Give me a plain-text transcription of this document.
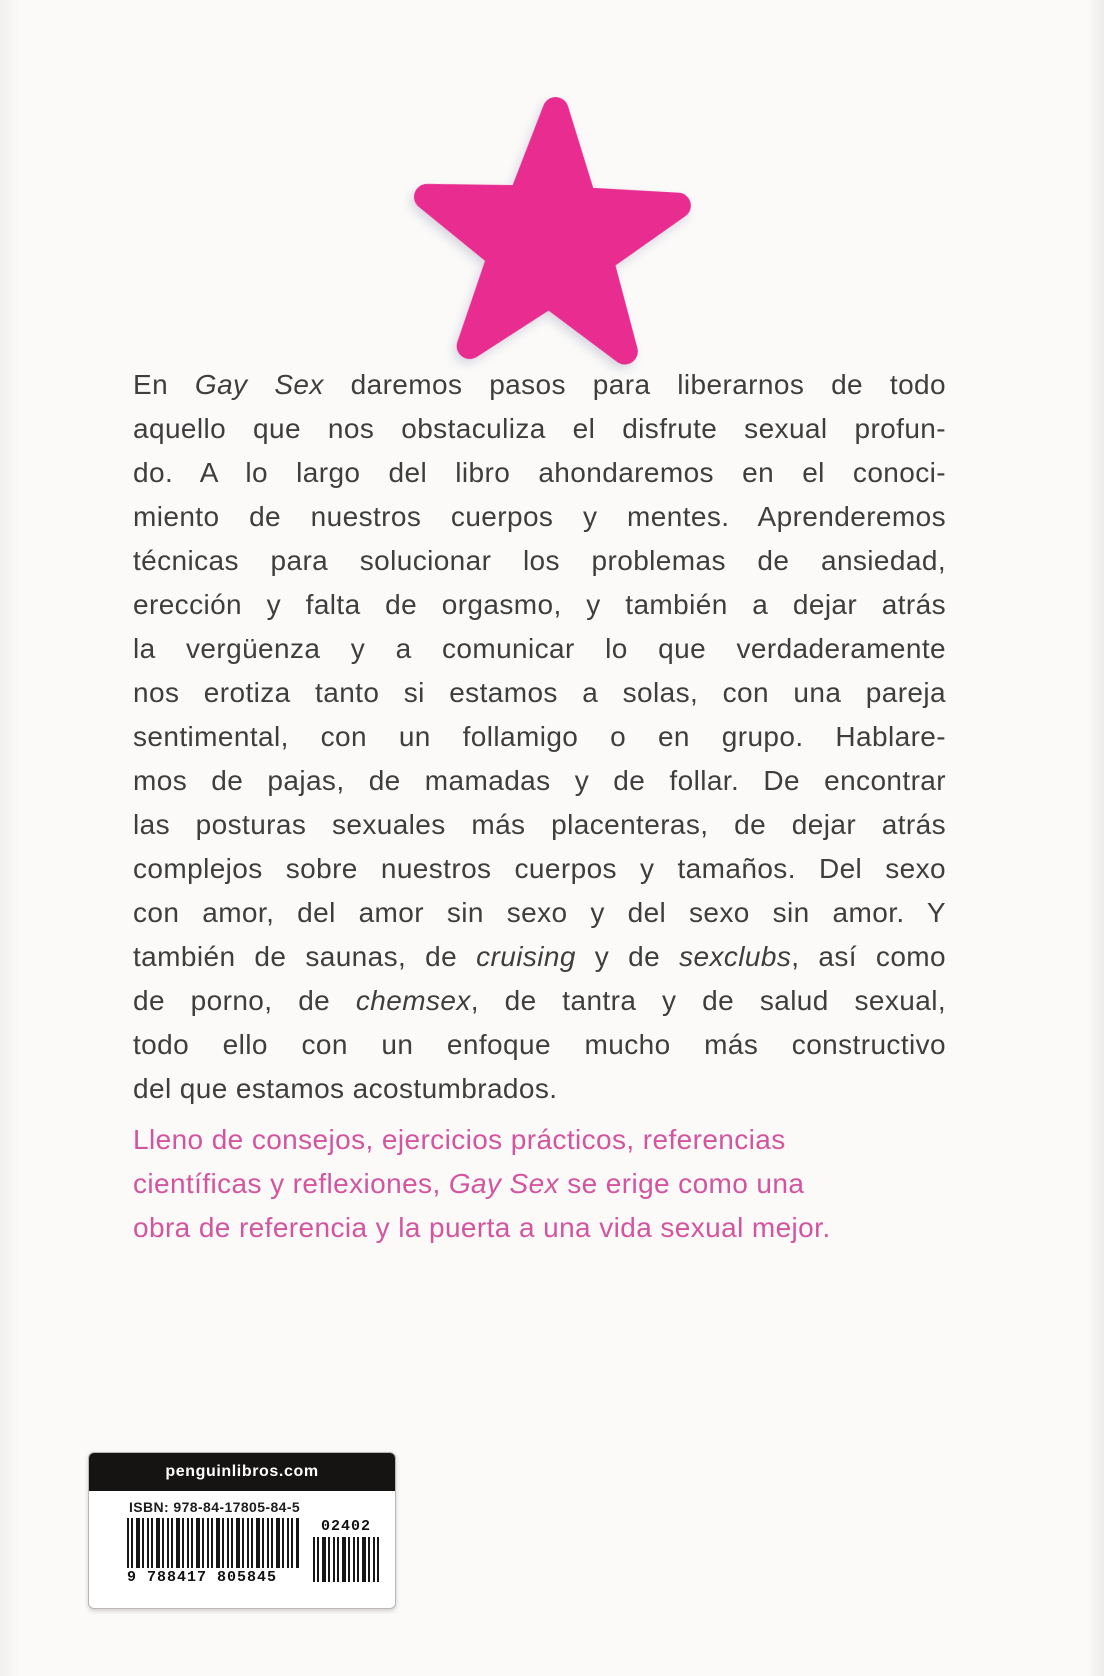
En Gay Sex daremos pasos para liberarnos de todo
aquello que nos obstaculiza el disfrute sexual profun-
do. A lo largo del libro ahondaremos en el conoci-
miento de nuestros cuerpos y mentes. Aprenderemos
técnicas para solucionar los problemas de ansiedad,
erección y falta de orgasmo, y también a dejar atrás
la vergüenza y a comunicar lo que verdaderamente
nos erotiza tanto si estamos a solas, con una pareja
sentimental, con un follamigo o en grupo. Hablare-
mos de pajas, de mamadas y de follar. De encontrar
las posturas sexuales más placenteras, de dejar atrás
complejos sobre nuestros cuerpos y tamaños. Del sexo
con amor, del amor sin sexo y del sexo sin amor. Y
también de saunas, de cruising y de sexclubs, así como
de porno, de chemsex, de tantra y de salud sexual,
todo ello con un enfoque mucho más constructivo
del que estamos acostumbrados.
Lleno de consejos, ejercicios prácticos, referencias
científicas y reflexiones, Gay Sex se erige como una
obra de referencia y la puerta a una vida sexual mejor.
penguinlibros.com
ISBN: 978-84-17805-84-5
9 788417 805845
02402
